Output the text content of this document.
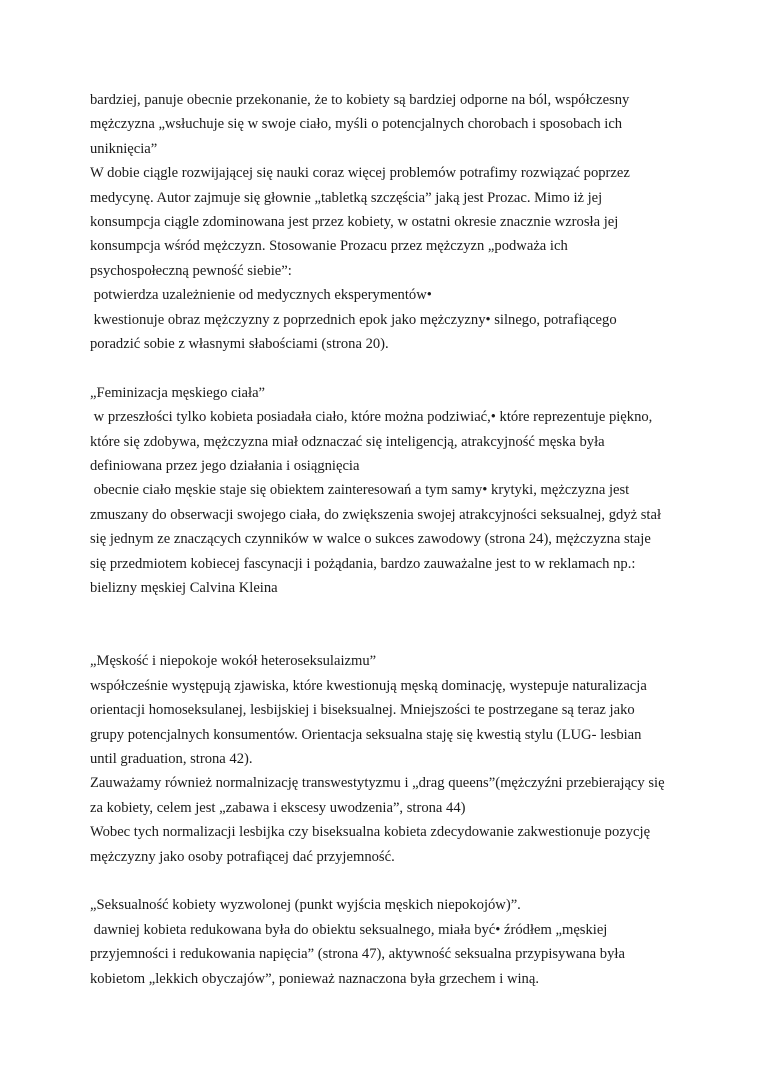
bardziej, panuje obecnie przekonanie, że to kobiety są bardziej odporne na ból, współczesny mężczyzna „wsłuchuje się w swoje ciało, myśli o potencjalnych chorobach i sposobach ich uniknięcia”

W dobie ciągle rozwijającej się nauki coraz więcej problemów potrafimy rozwiązać poprzez medycynę. Autor zajmuje się głownie „tabletką szczęścia” jaką jest Prozac. Mimo iż jej konsumpcja ciągle zdominowana jest przez kobiety, w ostatni okresie znacznie wzrosła jej konsumpcja wśród mężczyzn. Stosowanie Prozacu przez mężczyzn „podważa ich psychospołeczną pewność siebie”:

potwierdza uzależnienie od medycznych eksperymentów•

kwestionuje obraz mężczyzny z poprzednich epok jako mężczyzny• silnego, potrafiącego poradzić sobie z własnymi słabościami (strona 20).

„Feminizacja męskiego ciała”

w przeszłości tylko kobieta posiadała ciało, które można podziwiać,• które reprezentuje piękno, które się zdobywa, mężczyzna miał odznaczać się inteligencją, atrakcyjność męska była definiowana przez jego działania i osiągnięcia

obecnie ciało męskie staje się obiektem zainteresowań a tym samy• krytyki, mężczyzna jest zmuszany do obserwacji swojego ciała, do zwiększenia swojej atrakcyjności seksualnej, gdyż stał się jednym ze znaczących czynników w walce o sukces zawodowy (strona 24), mężczyzna staje się przedmiotem kobiecej fascynacji i pożądania, bardzo zauważalne jest to w reklamach np.: bielizny męskiej Calvina Kleina

„Męskość i niepokoje wokół heteroseksulaizmu”

współcześnie występują zjawiska, które kwestionują męską dominację, wystepuje naturalizacja orientacji homoseksulanej, lesbijskiej i biseksualnej. Mniejszości te postrzegane są teraz jako grupy potencjalnych konsumentów. Orientacja seksualna staję się kwestią stylu (LUG- lesbian until graduation, strona 42).

Zauważamy również normalnizację transwestytyzmu i „drag queens”(mężczyźni przebierający się za kobiety, celem jest „zabawa i ekscesy uwodzenia”, strona 44)

Wobec tych normalizacji lesbijka czy biseksualna kobieta zdecydowanie zakwestionuje pozycję mężczyzny jako osoby potrafiącej dać przyjemność.

„Seksualność kobiety wyzwolonej (punkt wyjścia męskich niepokojów)”.

dawniej kobieta redukowana była do obiektu seksualnego, miała być• źródłem „męskiej przyjemności i redukowania napięcia” (strona 47), aktywność seksualna przypisywana była kobietom „lekkich obyczajów”, ponieważ naznaczona była grzechem i winą.
